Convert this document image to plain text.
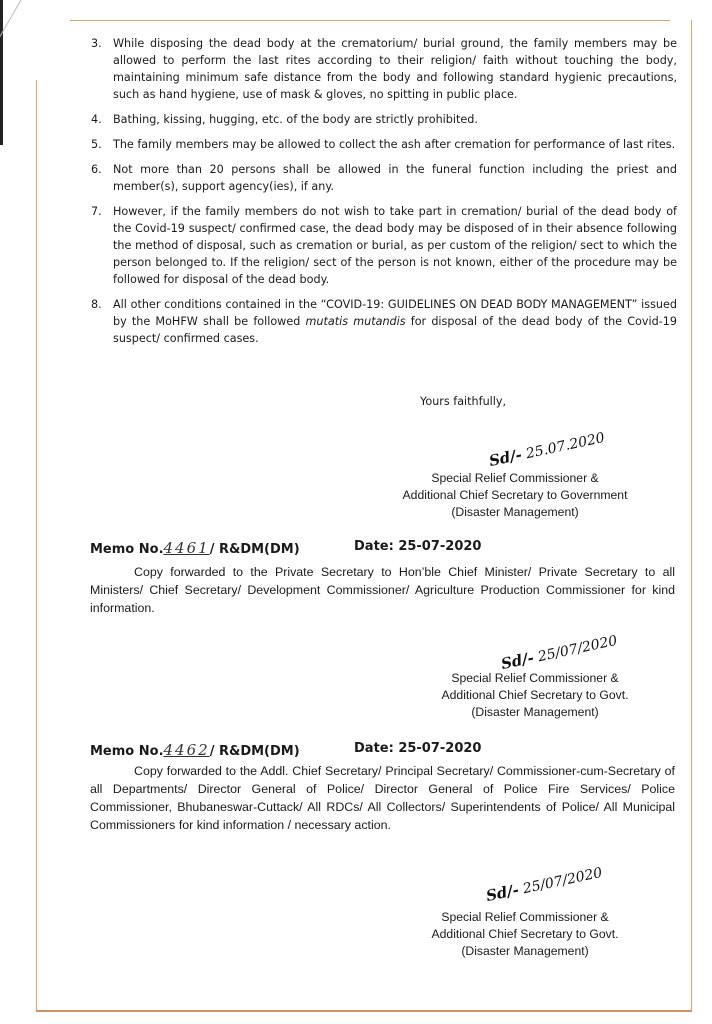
3.	While disposing the dead body at the crematorium/ burial ground, the family members may be allowed to perform the last rites according to their religion/ faith without touching the body, maintaining minimum safe distance from the body and following standard hygienic precautions, such as hand hygiene, use of mask & gloves, no spitting in public place.
4.	Bathing, kissing, hugging, etc. of the body are strictly prohibited.
5.	The family members may be allowed to collect the ash after cremation for performance of last rites.
6.	Not more than 20 persons shall be allowed in the funeral function including the priest and member(s), support agency(ies), if any.
7.	However, if the family members do not wish to take part in cremation/ burial of the dead body of the Covid-19 suspect/ confirmed case, the dead body may be disposed of in their absence following the method of disposal, such as cremation or burial, as per custom of the religion/ sect to which the person belonged to. If the religion/ sect of the person is not known, either of the procedure may be followed for disposal of the dead body.
8.	All other conditions contained in the “COVID-19: GUIDELINES ON DEAD BODY MANAGEMENT” issued by the MoHFW shall be followed mutatis mutandis for disposal of the dead body of the Covid-19 suspect/ confirmed cases.
Yours faithfully,
Sd/- 25.07.2020
Special Relief Commissioner &
Additional Chief Secretary to Government
(Disaster Management)
Memo No.4461/ R&DM(DM)	Date: 25-07-2020
Copy forwarded to the Private Secretary to Hon’ble Chief Minister/ Private Secretary to all Ministers/ Chief Secretary/ Development Commissioner/ Agriculture Production Commissioner for kind information.
Sd/- 25/07/2020
Special Relief Commissioner &
Additional Chief Secretary to Govt.
(Disaster Management)
Memo No.4462/ R&DM(DM)	Date: 25-07-2020
Copy forwarded to the Addl. Chief Secretary/ Principal Secretary/ Commissioner-cum-Secretary of all Departments/ Director General of Police/ Director General of Police Fire Services/ Police Commissioner, Bhubaneswar-Cuttack/ All RDCs/ All Collectors/ Superintendents of Police/ All Municipal Commissioners for kind information / necessary action.
Sd/- 25/07/2020
Special Relief Commissioner &
Additional Chief Secretary to Govt.
(Disaster Management)
